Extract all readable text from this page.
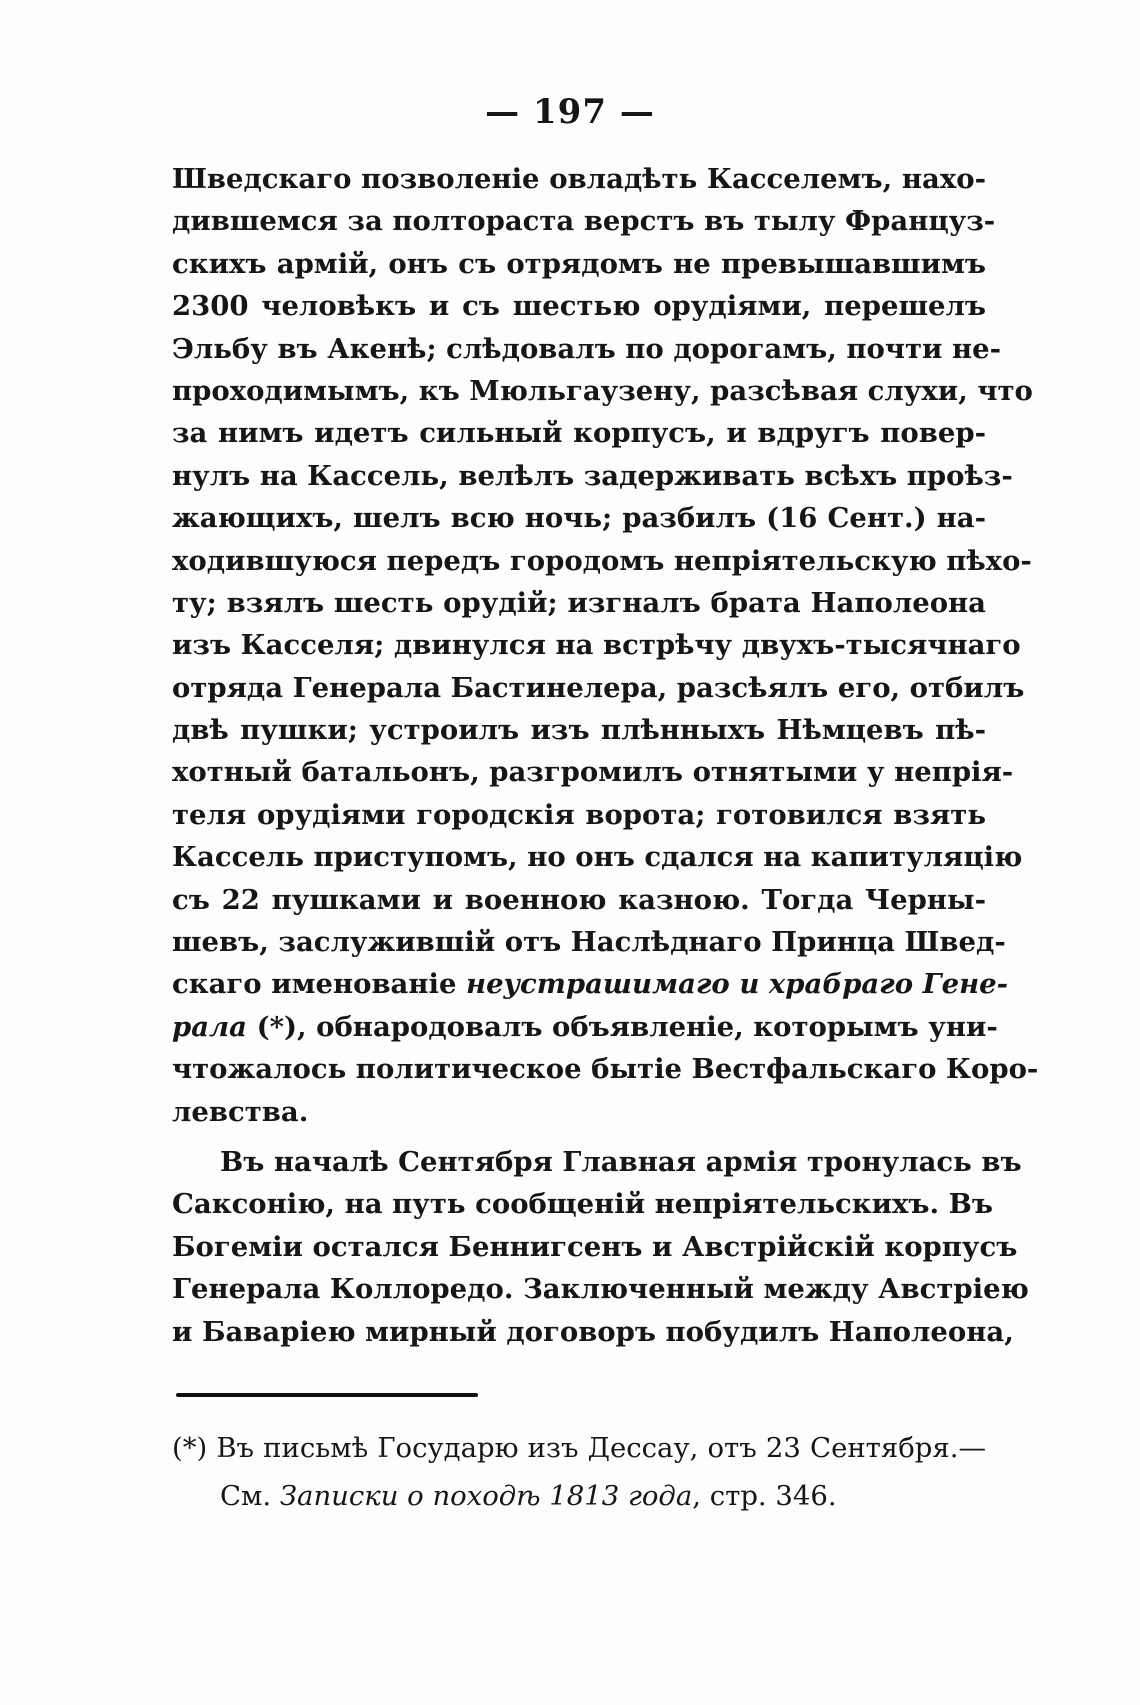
— 197 —
Шведскаго позволеніе овладѣть Касселемъ, нахо-
дившемся за полтораста верстъ въ тылу Француз-
скихъ армій, онъ съ отрядомъ не превышавшимъ
2300 человѣкъ и съ шестью орудіями, перешелъ
Эльбу въ Акенѣ; слѣдовалъ по дорогамъ, почти не-
проходимымъ, къ Мюльгаузену, разсѣвая слухи, что
за нимъ идетъ сильный корпусъ, и вдругъ повер-
нулъ на Кассель, велѣлъ задерживать всѣхъ проѣз-
жающихъ, шелъ всю ночь; разбилъ (16 Сент.) на-
ходившуюся передъ городомъ непріятельскую пѣхо-
ту; взялъ шесть орудій; изгналъ брата Наполеона
изъ Касселя; двинулся на встрѣчу двухъ-тысячнаго
отряда Генерала Бастинелера, разсѣялъ его, отбилъ
двѣ пушки; устроилъ изъ плѣнныхъ Нѣмцевъ пѣ-
хотный батальонъ, разгромилъ отнятыми у непрія-
теля орудіями городскія ворота; готовился взять
Кассель приступомъ, но онъ сдался на капитуляцію
съ 22 пушками и военною казною. Тогда Черны-
шевъ, заслужившій отъ Наслѣднаго Принца Швед-
скаго именованіе неустрашимаго и храбраго Гене-
рала (*), обнародовалъ объявленіе, которымъ уни-
чтожалось политическое бытіе Вестфальскаго Коро-
левства.
Въ началѣ Сентября Главная армія тронулась въ
Саксонію, на путь сообщеній непріятельскихъ. Въ
Богеміи остался Беннигсенъ и Австрійскій корпусъ
Генерала Коллоредо. Заключенный между Австріею
и Баваріею мирный договоръ побудилъ Наполеона,
(*) Въ письмѣ Государю изъ Дессау, отъ 23 Сентября.—
См. Записки о походѣ 1813 года, стр. 346.
